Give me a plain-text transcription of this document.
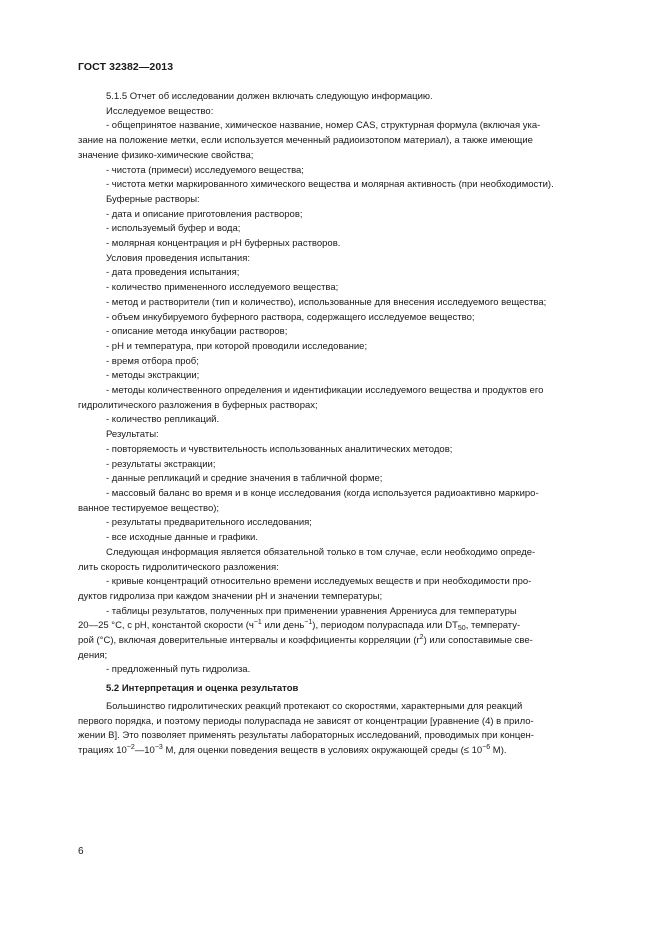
ГОСТ 32382—2013

5.1.5 Отчет об исследовании должен включать следующую информацию.

Исследуемое вещество:

- общепринятое название, химическое название, номер CAS, структурная формула (включая ука-

зание на положение метки, если используется меченный радиоизотопом материал), а также имеющие

значение физико-химические свойства;

- чистота (примеси) исследуемого вещества;

- чистота метки маркированного химического вещества и молярная активность (при необходимости).

Буферные растворы:

- дата и описание приготовления растворов;

- используемый буфер и вода;

- молярная концентрация и pH буферных растворов.

Условия проведения испытания:

- дата проведения испытания;

- количество примененного исследуемого вещества;

- метод и растворители (тип и количество), использованные для внесения исследуемого вещества;

- объем инкубируемого буферного раствора, содержащего исследуемое вещество;

- описание метода инкубации растворов;

- pH и температура, при которой проводили исследование;

- время отбора проб;

- методы экстракции;

- методы количественного определения и идентификации исследуемого вещества и продуктов его

гидролитического разложения в буферных растворах;

- количество репликаций.

Результаты:

- повторяемость и чувствительность использованных аналитических методов;

- результаты экстракции;

- данные репликаций и средние значения в табличной форме;

- массовый баланс во время и в конце исследования (когда используется радиоактивно маркиро-

ванное тестируемое вещество);

- результаты предварительного исследования;

- все исходные данные и графики.

Следующая информация является обязательной только в том случае, если необходимо опреде-

лить скорость гидролитического разложения:

- кривые концентраций относительно времени исследуемых веществ и при необходимости про-

дуктов гидролиза при каждом значении pH и значении температуры;

- таблицы результатов, полученных при применении уравнения Аррениуса для температуры

20—25 °С, с pH, константой скорости ($ч^{-1}$ или день$^{-1}$), периодом полураспада или $DT_{50}$, температу-

рой (°С), включая доверительные интервалы и коэффициенты корреляции $(r^2)$ или сопоставимые све-

дения;

- предложенный путь гидролиза.

5.2 Интерпретация и оценка результатов

Большинство гидролитических реакций протекают со скоростями, характерными для реакций

первого порядка, и поэтому периоды полураспада не зависят от концентрации [уравнение (4) в прило-

жении В]. Это позволяет применять результаты лабораторных исследований, проводимых при концен-

трациях $10^{-2}—10^{-3}$ М, для оценки поведения веществ в условиях окружающей среды (≤ $10^{-6}$ М).

6
